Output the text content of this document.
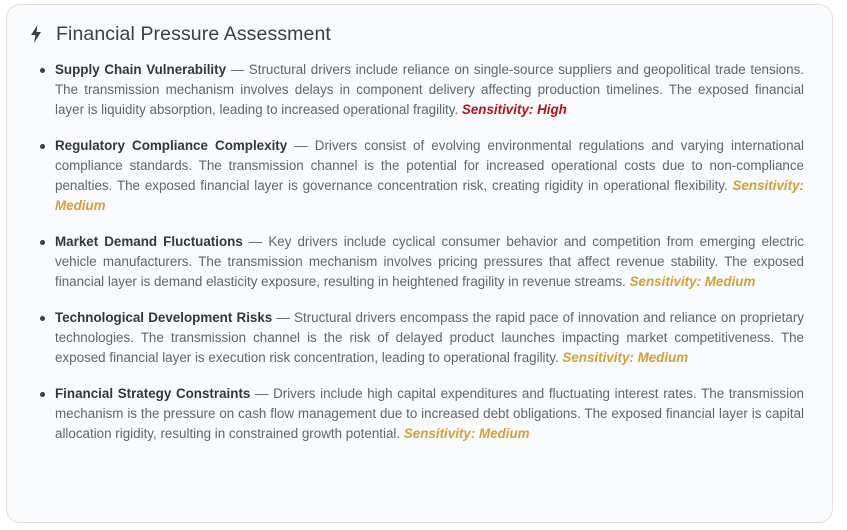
Financial Pressure Assessment
Supply Chain Vulnerability — Structural drivers include reliance on single-source suppliers and geopolitical trade tensions. The transmission mechanism involves delays in component delivery affecting production timelines. The exposed financial layer is liquidity absorption, leading to increased operational fragility. Sensitivity: High
Regulatory Compliance Complexity — Drivers consist of evolving environmental regulations and varying international compliance standards. The transmission channel is the potential for increased operational costs due to non-compliance penalties. The exposed financial layer is governance concentration risk, creating rigidity in operational flexibility. Sensitivity: Medium
Market Demand Fluctuations — Key drivers include cyclical consumer behavior and competition from emerging electric vehicle manufacturers. The transmission mechanism involves pricing pressures that affect revenue stability. The exposed financial layer is demand elasticity exposure, resulting in heightened fragility in revenue streams. Sensitivity: Medium
Technological Development Risks — Structural drivers encompass the rapid pace of innovation and reliance on proprietary technologies. The transmission channel is the risk of delayed product launches impacting market competitiveness. The exposed financial layer is execution risk concentration, leading to operational fragility. Sensitivity: Medium
Financial Strategy Constraints — Drivers include high capital expenditures and fluctuating interest rates. The transmission mechanism is the pressure on cash flow management due to increased debt obligations. The exposed financial layer is capital allocation rigidity, resulting in constrained growth potential. Sensitivity: Medium
